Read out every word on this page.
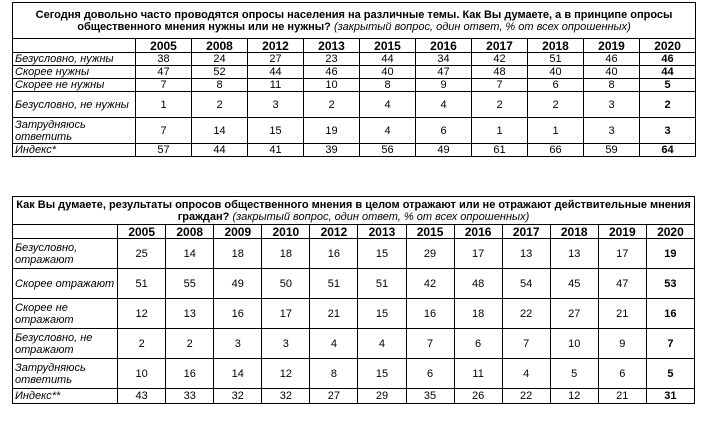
Сегодня довольно часто проводятся опросы населения на различные темы. Как Вы думаете, а в принципе опросы общественного мнения нужны или не нужны? (закрытый вопрос, один ответ, % от всех опрошенных)										
	2005	2008	2012	2013	2015	2016	2017	2018	2019	2020
Безусловно, нужны	38	24	27	23	44	34	42	51	46	46
Скорее нужны	47	52	44	46	40	47	48	40	40	44
Скорее не нужны	7	8	11	10	8	9	7	6	8	5
Безусловно, не нужны	1	2	3	2	4	4	2	2	3	2
Затрудняюсь ответить	7	14	15	19	4	6	1	1	3	3
Индекс*	57	44	41	39	56	49	61	66	59	64
Как Вы думаете, результаты опросов общественного мнения в целом отражают или не отражают действительные мнения граждан? (закрытый вопрос, один ответ, % от всех опрошенных)												
	2005	2008	2009	2010	2012	2013	2015	2016	2017	2018	2019	2020
Безусловно, отражают	25	14	18	18	16	15	29	17	13	13	17	19
Скорее отражают	51	55	49	50	51	51	42	48	54	45	47	53
Скорее не отражают	12	13	16	17	21	15	16	18	22	27	21	16
Безусловно, не отражают	2	2	3	3	4	4	7	6	7	10	9	7
Затрудняюсь ответить	10	16	14	12	8	15	6	11	4	5	6	5
Индекс**	43	33	32	32	27	29	35	26	22	12	21	31
